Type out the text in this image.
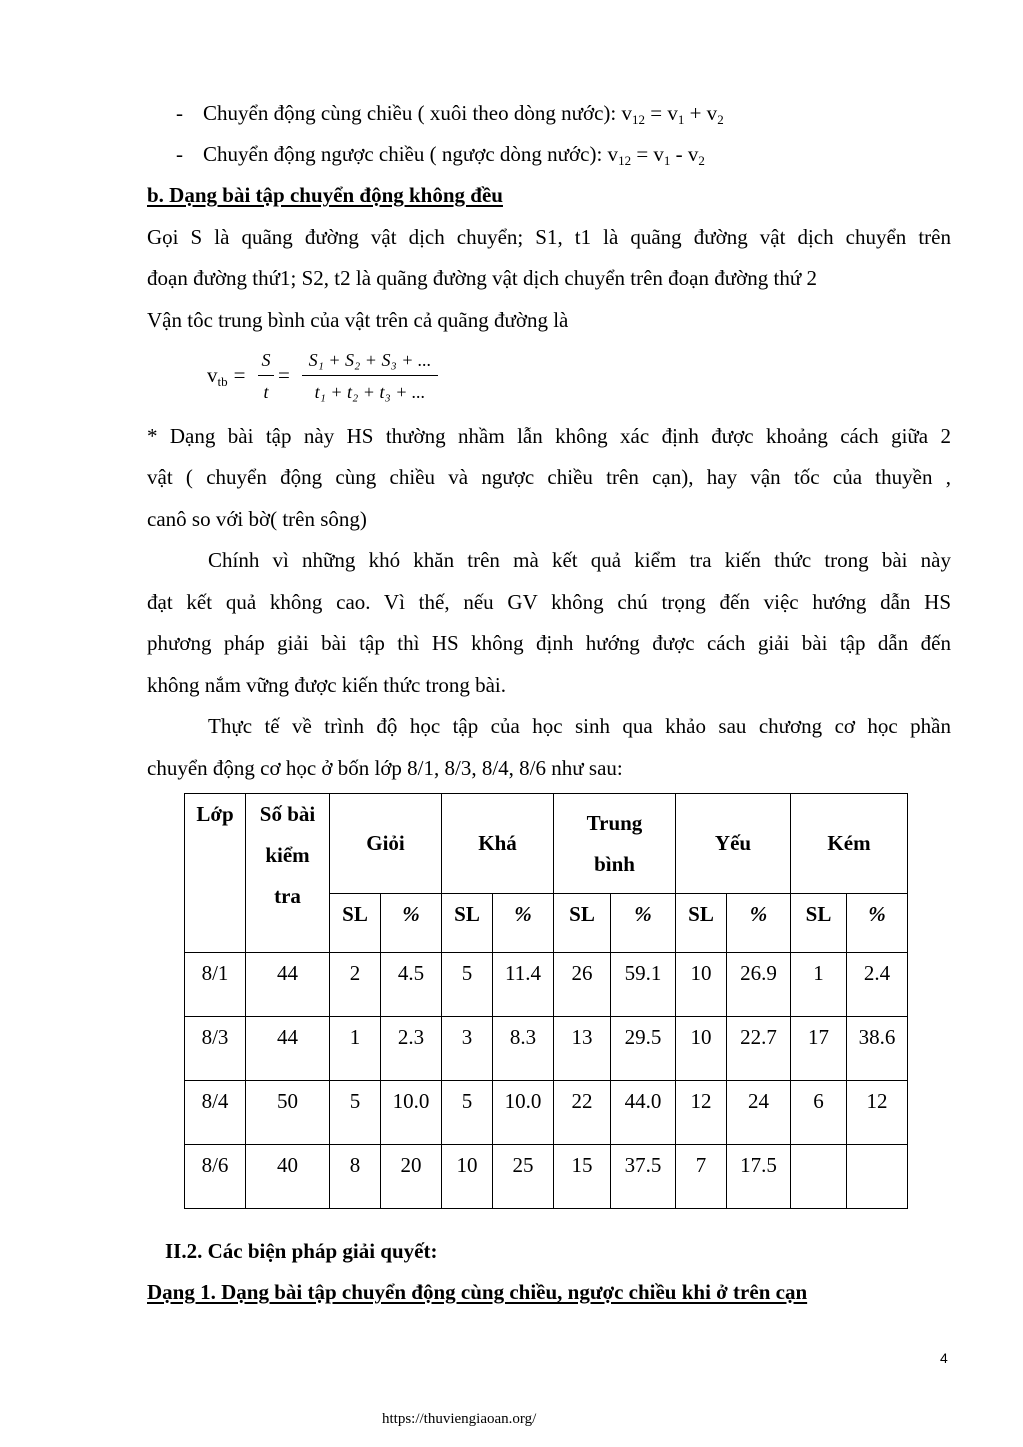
- Chuyển động cùng chiều ( xuôi theo dòng nước): $v_{12} = v_1 + v_2$
- Chuyển động ngược chiều ( ngược dòng nước): $v_{12} = v_1 - v_2$
b. Dạng bài tập chuyển động không đều
Gọi S là quãng đường vật dịch chuyển; S1, t1 là quãng đường vật dịch chuyển trên
đoạn đường thứ1; S2, t2 là quãng đường vật dịch chuyển trên đoạn đường thứ 2
Vận tôc trung bình của vật trên cả quãng đường là
$v_{tb}$ =
S
t
=
S₁ + S₂ + S₃ + ...
t₁ + t₂ + t₃ + ...
* Dạng bài tập này HS thường nhầm lẫn không xác định được khoảng cách giữa 2
vật ( chuyển động cùng chiều và ngược chiều trên cạn), hay vận tốc của thuyền ,
canô so với bờ( trên sông)
Chính vì những khó khăn trên mà kết quả kiểm tra kiến thức trong bài này
đạt kết quả không cao. Vì thế, nếu GV không chú trọng đến việc hướng dẫn HS
phương pháp giải bài tập thì HS không định hướng được cách giải bài tập dẫn đến
không nắm vững được kiến thức trong bài.
Thực tế về trình độ học tập của học sinh qua khảo sau chương cơ học phần
chuyển động cơ học ở bốn lớp 8/1, 8/3, 8/4, 8/6 như sau:
Lớp	Số bài kiểm tra	Giỏi		Khá		Trung bình		Yếu		Kém	
		SL	%	SL	%	SL	%	SL	%	SL	%
8/1	44	2	4.5	5	11.4	26	59.1	10	26.9	1	2.4
8/3	44	1	2.3	3	8.3	13	29.5	10	22.7	17	38.6
8/4	50	5	10.0	5	10.0	22	44.0	12	24	6	12
8/6	40	8	20	10	25	15	37.5	7	17.5		
II.2. Các biện pháp giải quyết:
Dạng 1. Dạng bài tập chuyển động cùng chiều, ngược chiều khi ở trên cạn
4
https://thuviengiaoan.org/
